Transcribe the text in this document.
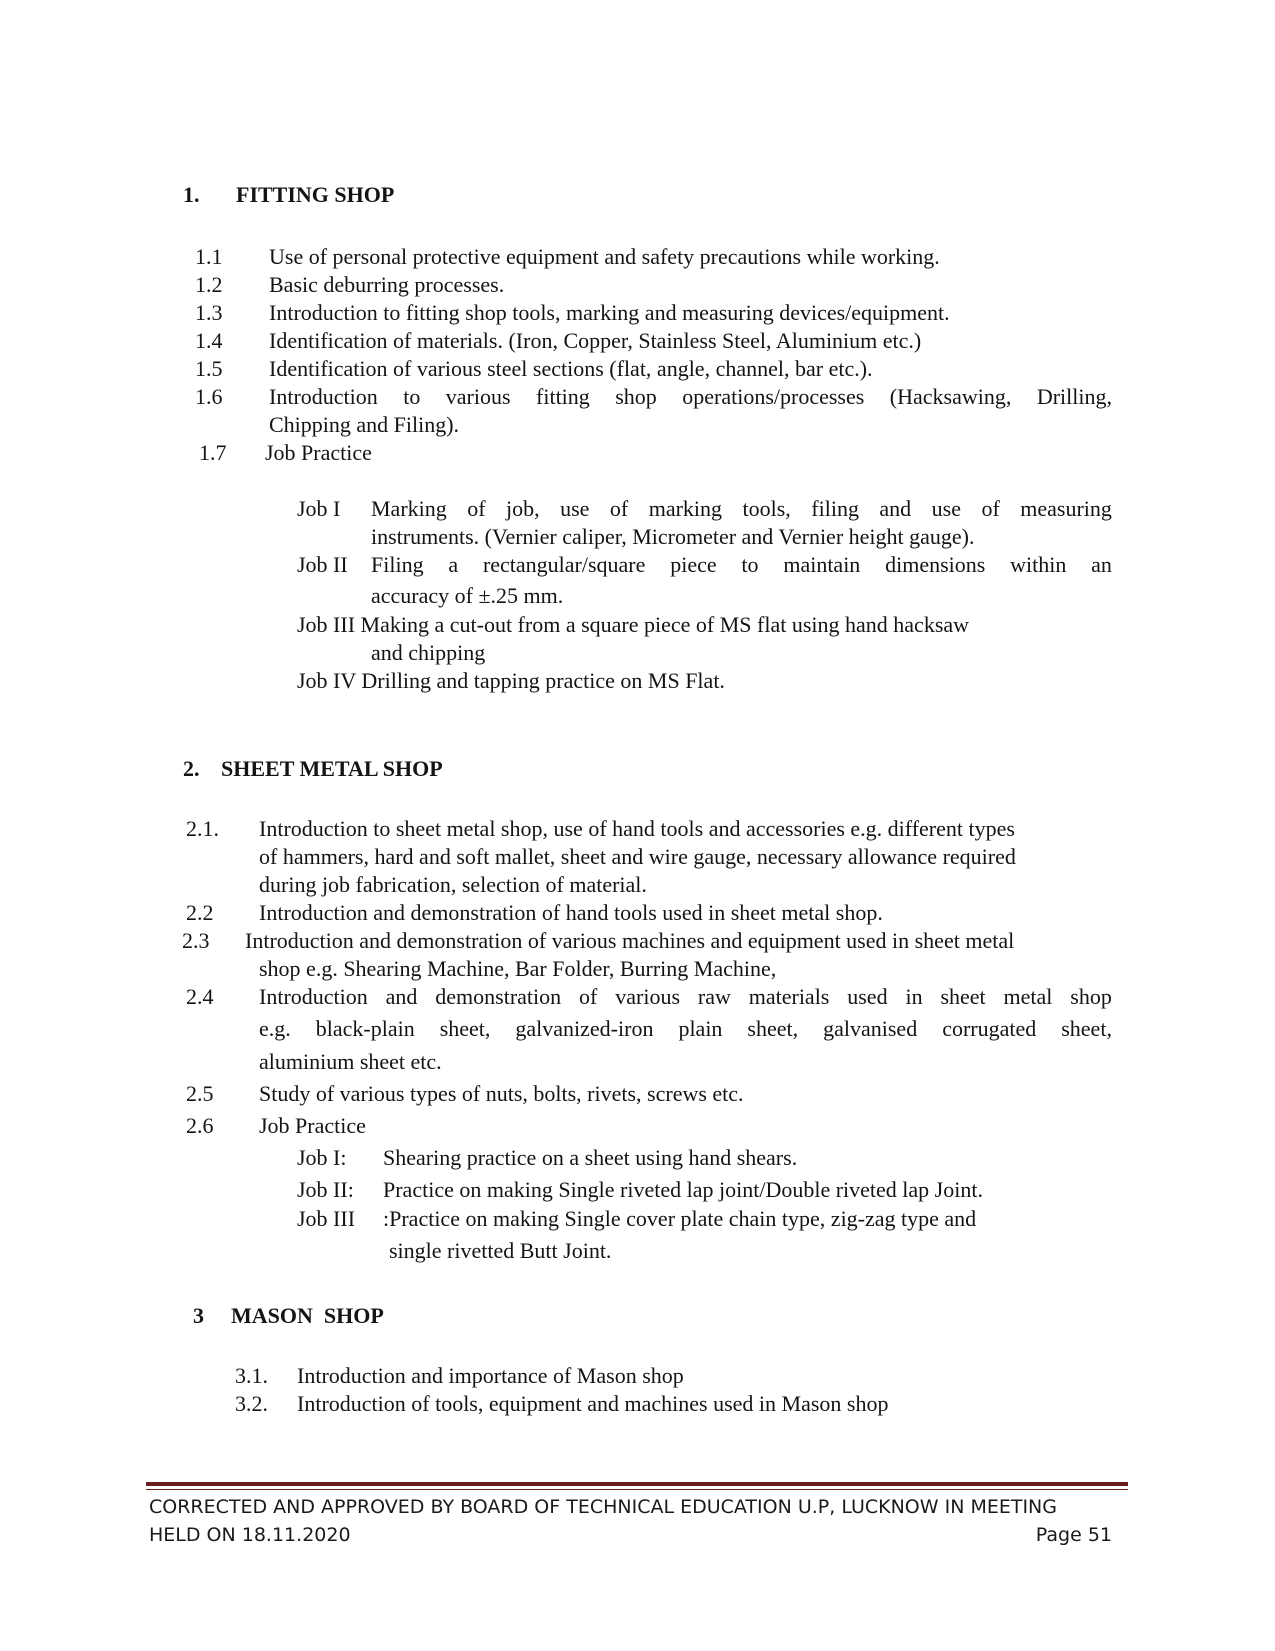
1. FITTING SHOP
1.1 Use of personal protective equipment and safety precautions while working.
1.2 Basic deburring processes.
1.3 Introduction to fitting shop tools, marking and measuring devices/equipment.
1.4 Identification of materials. (Iron, Copper, Stainless Steel, Aluminium etc.)
1.5 Identification of various steel sections (flat, angle, channel, bar etc.).
1.6 Introduction to various fitting shop operations/processes (Hacksawing, Drilling,
Chipping and Filing).
1.7 Job Practice
Job I Marking of job, use of marking tools, filing and use of measuring
instruments. (Vernier caliper, Micrometer and Vernier height gauge).
Job II Filing a rectangular/square piece to maintain dimensions within an
accuracy of ±.25 mm.
Job III Making a cut-out from a square piece of MS flat using hand hacksaw
and chipping
Job IV Drilling and tapping practice on MS Flat.
2. SHEET METAL SHOP
2.1. Introduction to sheet metal shop, use of hand tools and accessories e.g. different types
of hammers, hard and soft mallet, sheet and wire gauge, necessary allowance required
during job fabrication, selection of material.
2.2 Introduction and demonstration of hand tools used in sheet metal shop.
2.3 Introduction and demonstration of various machines and equipment used in sheet metal
shop e.g. Shearing Machine, Bar Folder, Burring Machine,
2.4 Introduction and demonstration of various raw materials used in sheet metal shop
e.g. black-plain sheet, galvanized-iron plain sheet, galvanised corrugated sheet,
aluminium sheet etc.
2.5 Study of various types of nuts, bolts, rivets, screws etc.
2.6 Job Practice
Job I: Shearing practice on a sheet using hand shears.
Job II: Practice on making Single riveted lap joint/Double riveted lap Joint.
Job III :Practice on making Single cover plate chain type, zig-zag type and
single rivetted Butt Joint.
3 MASON  SHOP
3.1. Introduction and importance of Mason shop
3.2. Introduction of tools, equipment and machines used in Mason shop
CORRECTED AND APPROVED BY BOARD OF TECHNICAL EDUCATION U.P, LUCKNOW IN MEETING
HELD ON 18.11.2020	Page 51
